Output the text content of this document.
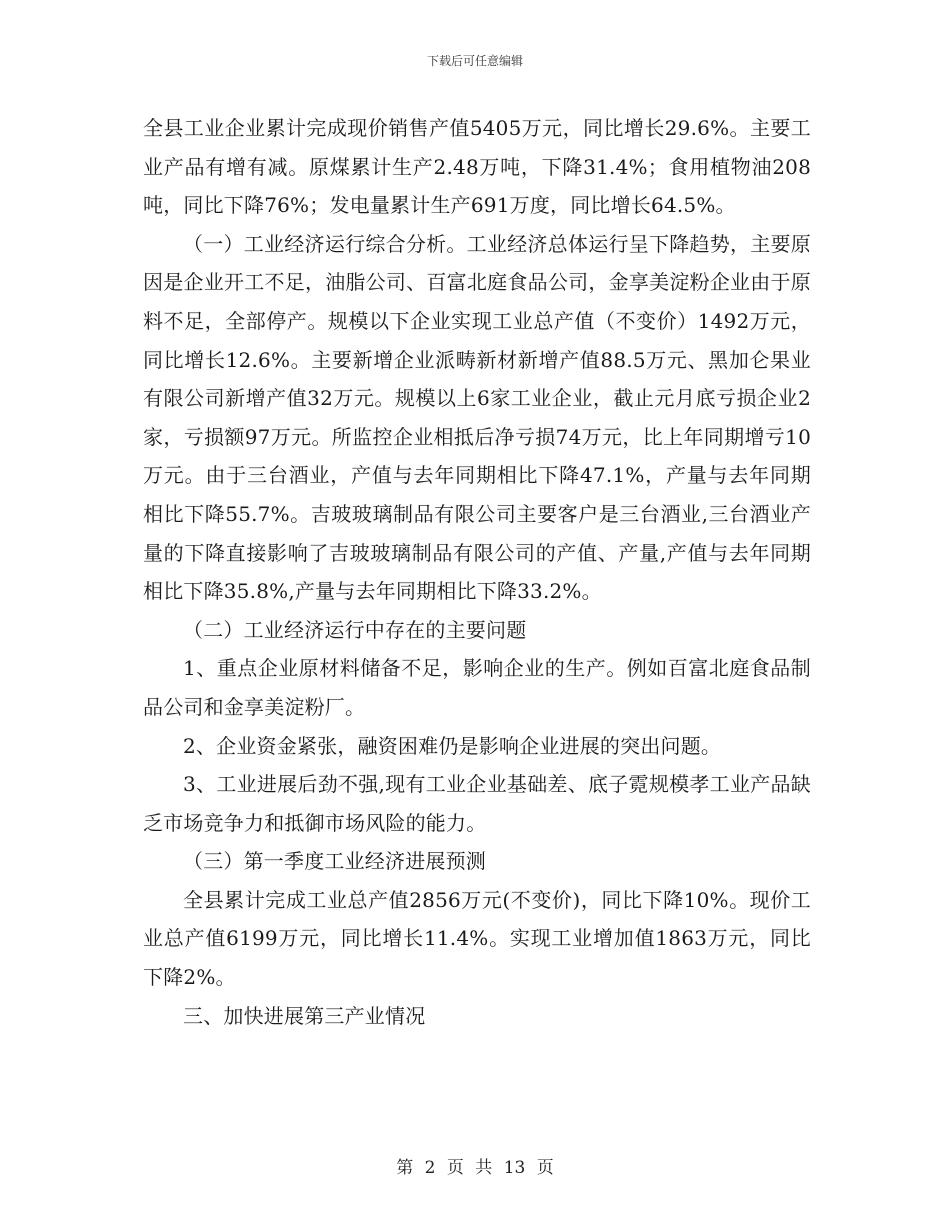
下载后可任意编辑

全县工业企业累计完成现价销售产值5405万元，同比增长29.6%。主要工业产品有增有减。原煤累计生产2.48万吨，下降31.4%；食用植物油208吨，同比下降76%；发电量累计生产691万度，同比增长64.5%。

（一）工业经济运行综合分析。工业经济总体运行呈下降趋势，主要原因是企业开工不足，油脂公司、百富北庭食品公司，金享美淀粉企业由于原料不足，全部停产。规模以下企业实现工业总产值（不变价）1492万元，同比增长12.6%。主要新增企业派畴新材新增产值88.5万元、黑加仑果业有限公司新增产值32万元。规模以上6家工业企业，截止元月底亏损企业2家，亏损额97万元。所监控企业相抵后净亏损74万元，比上年同期增亏10万元。由于三台酒业，产值与去年同期相比下降47.1%，产量与去年同期相比下降55.7%。吉玻玻璃制品有限公司主要客户是三台酒业,三台酒业产量的下降直接影响了吉玻玻璃制品有限公司的产值、产量,产值与去年同期相比下降35.8%,产量与去年同期相比下降33.2%。

（二）工业经济运行中存在的主要问题

1、重点企业原材料储备不足，影响企业的生产。例如百富北庭食品制品公司和金享美淀粉厂。

2、企业资金紧张，融资困难仍是影响企业进展的突出问题。

3、工业进展后劲不强,现有工业企业基础差、底子霓规模孝工业产品缺乏市场竞争力和抵御市场风险的能力。

（三）第一季度工业经济进展预测

全县累计完成工业总产值2856万元(不变价)，同比下降10%。现价工业总产值6199万元，同比增长11.4%。实现工业增加值1863万元，同比下降2%。

三、加快进展第三产业情况

第 2 页 共 13 页
